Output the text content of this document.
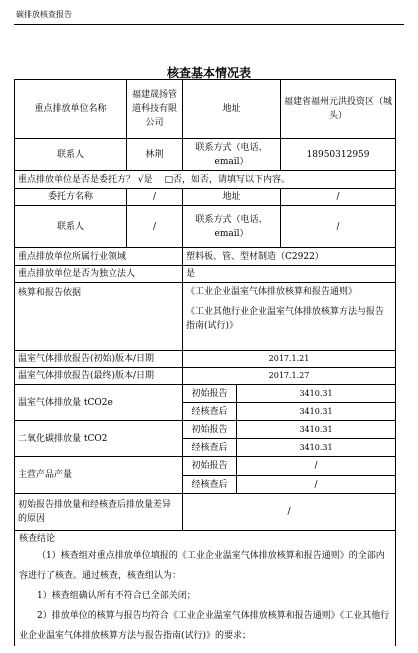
碳排放核查报告
核查基本情况表
重点排放单位名称	福建晟扬管道科技有限公司	地址		福建省福州元洪投资区（城头）
联系人	林荆	联系方式（电话、email）		18950312959
重点排放单位是否是委托方？ √是　 □否，如否，请填写以下内容。				
委托方名称	/	地址		/
联系人	/	联系方式（电话、email）		/
重点排放单位所属行业领域		塑料板、管、型材制造（C2922）		
重点排放单位是否为独立法人		是		
核算和报告依据		《工业企业温室气体排放核算和报告通则》
《工业其他行业企业温室气体排放核算方法与报告指南(试行)》		

温室气体排放报告(初始)版本/日期		2017.1.21		
温室气体排放报告(最终)版本/日期		2017.1.27		
温室气体排放量 tCO2e		初始报告	3410.31	
		经核查后	3410.31	
二氧化碳排放量 tCO2		初始报告	3410.31	
		经核查后	3410.31	
主营产品产量		初始报告	/	
		经核查后	/	
初始报告排放量和经核查后排放量差异的原因		/		

核查结论

（1）核查组对重点排放单位填报的《工业企业温室气体排放核算和报告通则》的全部内容进行了核查。通过核查，核查组认为：

1）核查组确认所有不符合已全部关闭；

2）排放单位的核算与报告均符合《工业企业温室气体排放核算和报告通则》《工业其他行业企业温室气体排放核算方法与报告指南(试行)》的要求；				
